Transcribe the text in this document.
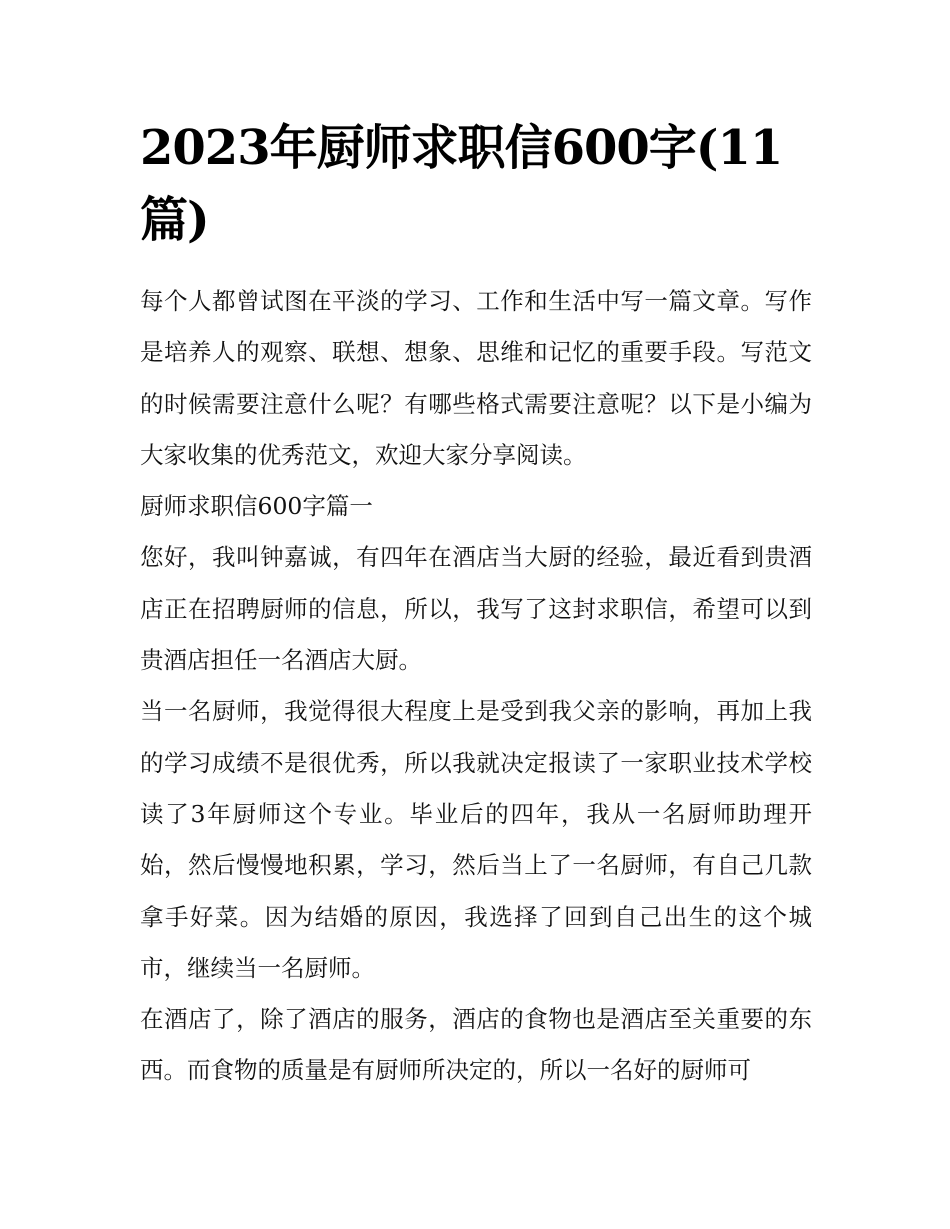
2023年厨师求职信600字(11篇)

每个人都曾试图在平淡的学习、工作和生活中写一篇文章。写作是培养人的观察、联想、想象、思维和记忆的重要手段。写范文的时候需要注意什么呢？有哪些格式需要注意呢？以下是小编为大家收集的优秀范文，欢迎大家分享阅读。

厨师求职信600字篇一

您好，我叫钟嘉诚，有四年在酒店当大厨的经验，最近看到贵酒店正在招聘厨师的信息，所以，我写了这封求职信，希望可以到贵酒店担任一名酒店大厨。

当一名厨师，我觉得很大程度上是受到我父亲的影响，再加上我的学习成绩不是很优秀，所以我就决定报读了一家职业技术学校读了3年厨师这个专业。毕业后的四年，我从一名厨师助理开始，然后慢慢地积累，学习，然后当上了一名厨师，有自己几款拿手好菜。因为结婚的原因，我选择了回到自己出生的这个城市，继续当一名厨师。

在酒店了，除了酒店的服务，酒店的食物也是酒店至关重要的东西。而食物的质量是有厨师所决定的，所以一名好的厨师可
